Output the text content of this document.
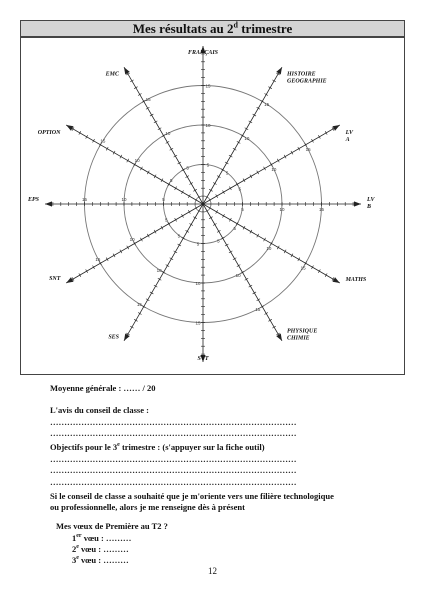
Mes résultats au 2$^d$ trimestre
5
10
15
FRANÇAIS
5
10
15
HISTOIRE GEOGRAPHIE
5
10
15
LV A
5	10	15
LV B
5
10
15
MATHS
5
10
15
PHYSIQUE CHIMIE
5
10
15
SVT
5
10
15
SES
5
10
15
SNT
5
10
15
EPS
5
10
15
OPTION
5
10
15
EMC
Moyenne générale : …… / 20
L'avis du conseil de classe :
……………………………………………………………………………
……………………………………………………………………………
Objectifs pour le 3e trimestre : (s'appuyer sur la fiche outil)
……………………………………………………………………………
……………………………………………………………………………
……………………………………………………………………………
Si le conseil de classe a souhaité que je m'oriente vers une filière technologique
ou professionnelle, alors je me renseigne dès à présent
Mes vœux de Première au T2 ?
1er vœu : ………
2e vœu : ………
3e vœu : ………
12
